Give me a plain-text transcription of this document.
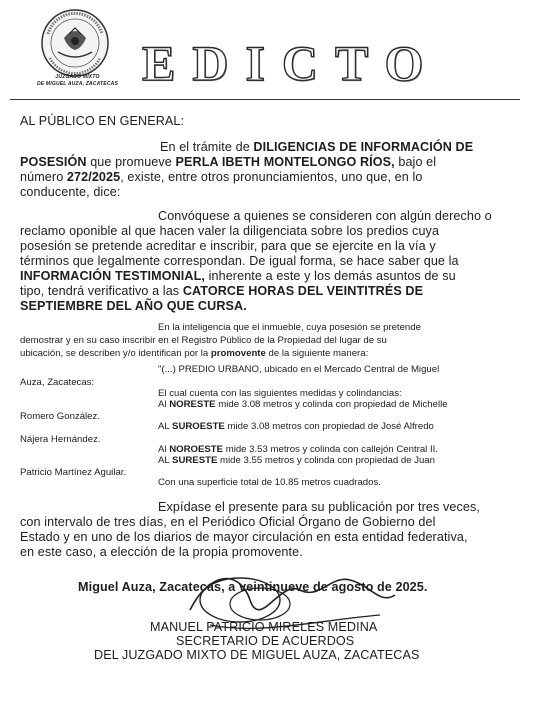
JUZGADO MIXTO
DE MIGUEL AUZA, ZACATECAS EDICTO
AL PÚBLICO EN GENERAL:
En el trámite de DILIGENCIAS DE INFORMACIÓN DE
POSESIÓN que promueve PERLA IBETH MONTELONGO RÍOS, bajo el
número 272/2025, existe, entre otros pronunciamientos, uno que, en lo
conducente, dice:
Convóquese a quienes se consideren con algún derecho o
reclamo oponible al que hacen valer la diligenciata sobre los predios cuya
posesión se pretende acreditar e inscribir, para que se ejercite en la vía y
términos que legalmente correspondan. De igual forma, se hace saber que la
INFORMACIÓN TESTIMONIAL, inherente a este y los demás asuntos de su
tipo, tendrá verificativo a las CATORCE HORAS DEL VEINTITRÉS DE
SEPTIEMBRE DEL AÑO QUE CURSA.
En la inteligencia que el inmueble, cuya posesión se pretende
demostrar y en su caso inscribir en el Registro Público de la Propiedad del lugar de su
ubicación, se describen y/o identifican por la promovente de la siguiente manera:
"(...) PREDIO URBANO, ubicado en el Mercado Central de Miguel
Auza, Zacatecas:
El cual cuenta con las siguientes medidas y colindancias:
Al NORESTE mide 3.08 metros y colinda con propiedad de Michelle
Romero González.
AL SUROESTE mide 3.08 metros con propiedad de José Alfredo
Nájera Hernández.
Al NOROESTE mide 3.53 metros y colinda con callejón Central II.
AL SURESTE mide 3.55 metros y colinda con propiedad de Juan
Patricio Martínez Aguilar.
Con una superficie total de 10.85 metros cuadrados.
Expídase el presente para su publicación por tres veces,
con intervalo de tres días, en el Periódico Oficial Órgano de Gobierno del
Estado y en uno de los diarios de mayor circulación en esta entidad federativa,
en este caso, a elección de la propia promovente.
Miguel Auza, Zacatecas, a veintinueve de agosto de 2025.
MANUEL PATRICIO MIRELES MEDINA
SECRETARIO DE ACUERDOS
DEL JUZGADO MIXTO DE MIGUEL AUZA, ZACATECAS
